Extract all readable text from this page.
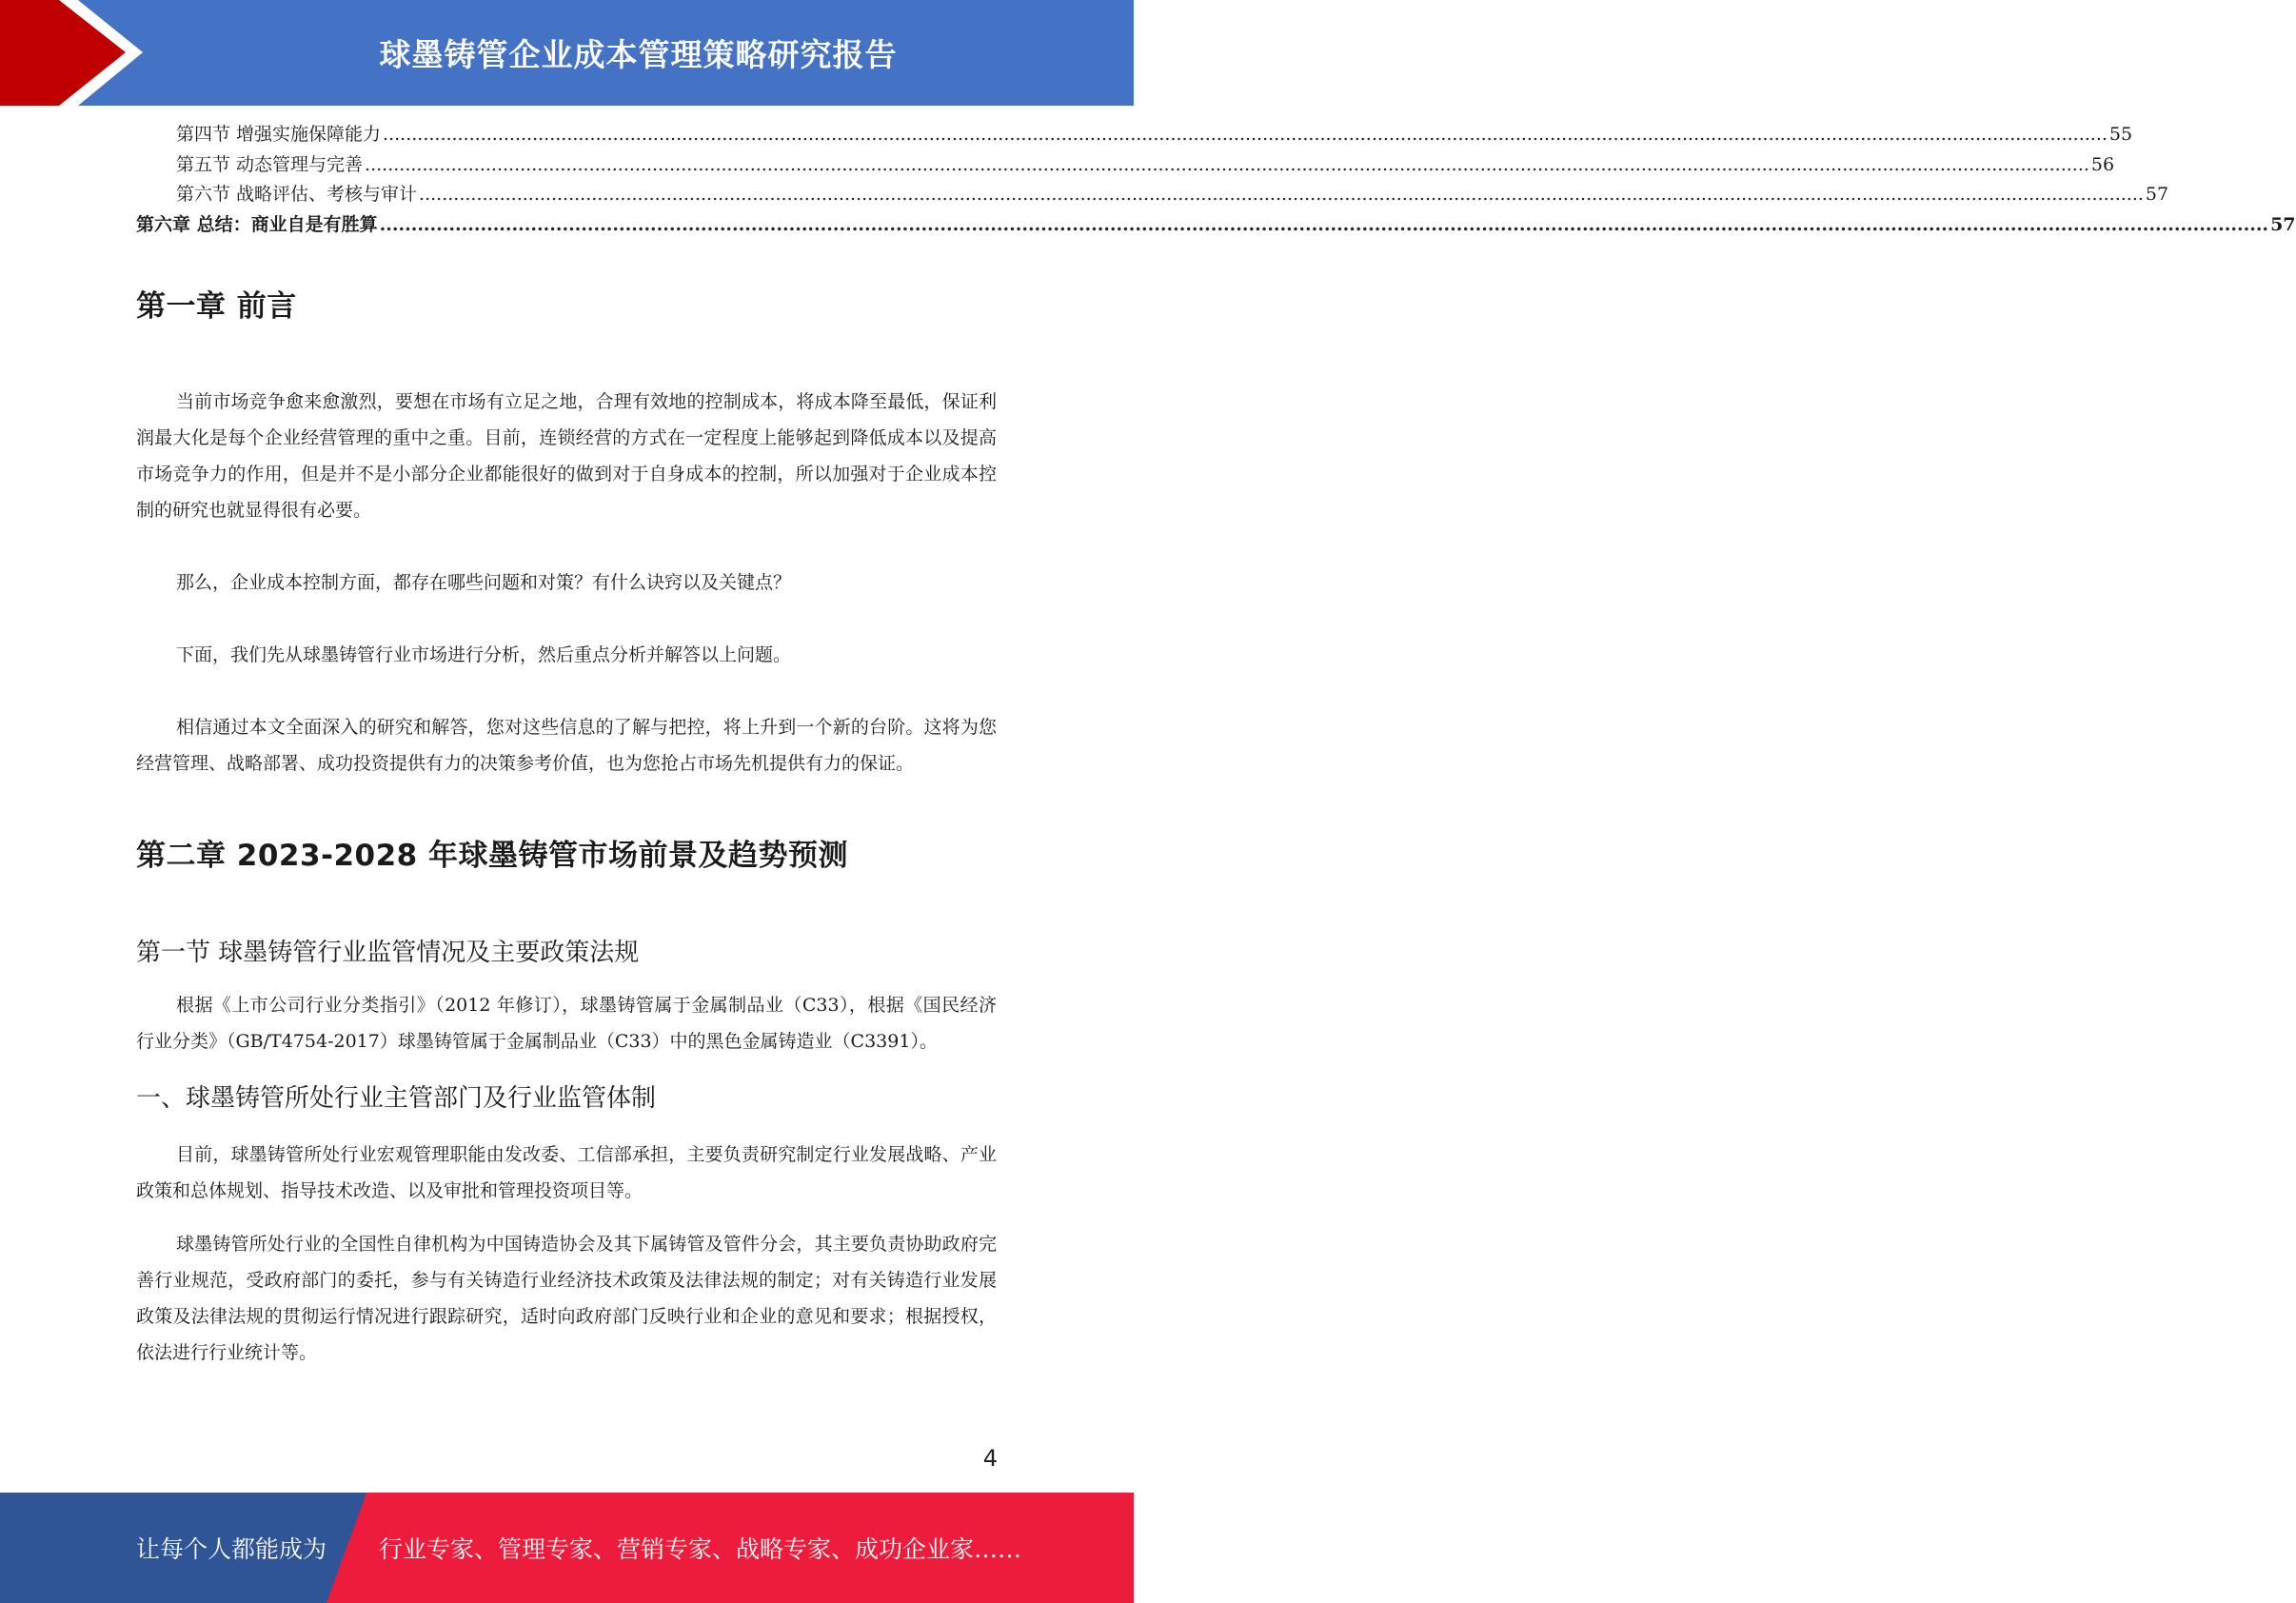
球墨铸管企业成本管理策略研究报告
第四节 增强实施保障能力 ............................................................................................................................................................................................................................................................................................................ 55
第五节 动态管理与完善 ............................................................................................................................................................................................................................................................................................................ 56
第六节 战略评估、考核与审计 ............................................................................................................................................................................................................................................................................................................ 57
第六章 总结：商业自是有胜算 ............................................................................................................................................................................................................................................................................................................ 57
第一章 前言

当前市场竞争愈来愈激烈，要想在市场有立足之地，合理有效地的控制成本，将成本降至最低，保证利润最大化是每个企业经营管理的重中之重。目前，连锁经营的方式在一定程度上能够起到降低成本以及提高市场竞争力的作用，但是并不是小部分企业都能很好的做到对于自身成本的控制，所以加强对于企业成本控制的研究也就显得很有必要。

那么，企业成本控制方面，都存在哪些问题和对策？有什么诀窍以及关键点？

下面，我们先从球墨铸管行业市场进行分析，然后重点分析并解答以上问题。

相信通过本文全面深入的研究和解答，您对这些信息的了解与把控，将上升到一个新的台阶。这将为您经营管理、战略部署、成功投资提供有力的决策参考价值，也为您抢占市场先机提供有力的保证。

第二章 2023-2028 年球墨铸管市场前景及趋势预测
第一节 球墨铸管行业监管情况及主要政策法规

根据《上市公司行业分类指引》（2012 年修订），球墨铸管属于金属制品业（C33），根据《国民经济行业分类》（GB/T4754-2017）球墨铸管属于金属制品业（C33）中的黑色金属铸造业（C3391）。

一、球墨铸管所处行业主管部门及行业监管体制

目前，球墨铸管所处行业宏观管理职能由发改委、工信部承担，主要负责研究制定行业发展战略、产业政策和总体规划、指导技术改造、以及审批和管理投资项目等。

球墨铸管所处行业的全国性自律机构为中国铸造协会及其下属铸管及管件分会，其主要负责协助政府完善行业规范，受政府部门的委托，参与有关铸造行业经济技术政策及法律法规的制定；对有关铸造行业发展政策及法律法规的贯彻运行情况进行跟踪研究，适时向政府部门反映行业和企业的意见和要求；根据授权，依法进行行业统计等。

4
让每个人都能成为 行业专家、管理专家、营销专家、战略专家、成功企业家……
